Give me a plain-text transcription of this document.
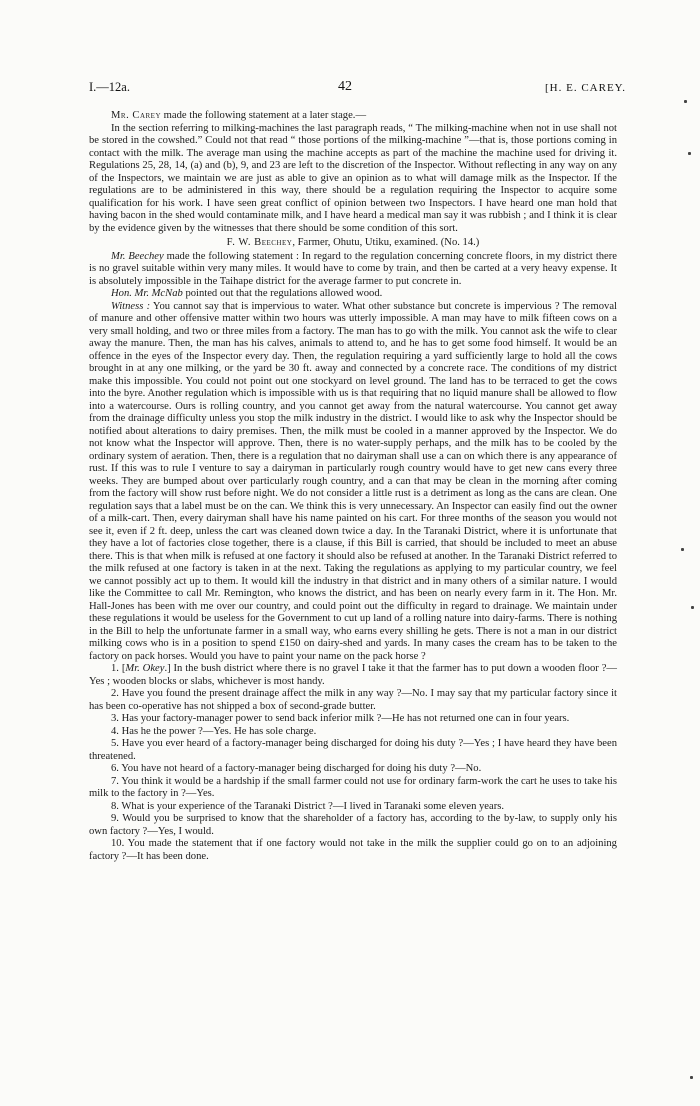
I.—12a.	42	[H. E. CAREY.

Mr. Carey made the following statement at a later stage.—

In the section referring to milking-machines the last paragraph reads, “ The milking-machine when not in use shall not be stored in the cowshed.” Could not that read “ those portions of the milking-machine ”—that is, those portions coming in contact with the milk. The average man using the machine accepts as part of the machine the machine used for driving it. Regulations 25, 28, 14, (a) and (b), 9, and 23 are left to the discretion of the Inspector. Without reflecting in any way on any of the Inspectors, we maintain we are just as able to give an opinion as to what will damage milk as the Inspector. If the regulations are to be administered in this way, there should be a regulation requiring the Inspector to acquire some qualification for his work. I have seen great conflict of opinion between two Inspectors. I have heard one man hold that having bacon in the shed would contaminate milk, and I have heard a medical man say it was rubbish ; and I think it is clear by the evidence given by the witnesses that there should be some condition of this sort.

F. W. Beechey, Farmer, Ohutu, Utiku, examined. (No. 14.)

Mr. Beechey made the following statement : In regard to the regulation concerning concrete floors, in my district there is no gravel suitable within very many miles. It would have to come by train, and then be carted at a very heavy expense. It is absolutely impossible in the Taihape district for the average farmer to put concrete in.

Hon. Mr. McNab pointed out that the regulations allowed wood.

Witness : You cannot say that is impervious to water. What other substance but concrete is impervious ? The removal of manure and other offensive matter within two hours was utterly impossible. A man may have to milk fifteen cows on a very small holding, and two or three miles from a factory. The man has to go with the milk. You cannot ask the wife to clear away the manure. Then, the man has his calves, animals to attend to, and he has to get some food himself. It would be an offence in the eyes of the Inspector every day. Then, the regulation requiring a yard sufficiently large to hold all the cows brought in at any one milking, or the yard be 30 ft. away and connected by a concrete race. The conditions of my district make this impossible. You could not point out one stockyard on level ground. The land has to be terraced to get the cows into the byre. Another regulation which is impossible with us is that requiring that no liquid manure shall be allowed to flow into a watercourse. Ours is rolling country, and you cannot get away from the natural watercourse. You cannot get away from the drainage difficulty unless you stop the milk industry in the district. I would like to ask why the Inspector should be notified about alterations to dairy premises. Then, the milk must be cooled in a manner approved by the Inspector. We do not know what the Inspector will approve. Then, there is no water-supply perhaps, and the milk has to be cooled by the ordinary system of aeration. Then, there is a regulation that no dairyman shall use a can on which there is any appearance of rust. If this was to rule I venture to say a dairyman in particularly rough country would have to get new cans every three weeks. They are bumped about over particularly rough country, and a can that may be clean in the morning after coming from the factory will show rust before night. We do not consider a little rust is a detriment as long as the cans are clean. One regulation says that a label must be on the can. We think this is very unnecessary. An Inspector can easily find out the owner of a milk-cart. Then, every dairyman shall have his name painted on his cart. For three months of the season you would not see it, even if 2 ft. deep, unless the cart was cleaned down twice a day. In the Taranaki District, where it is unfortunate that they have a lot of factories close together, there is a clause, if this Bill is carried, that should be included to meet an abuse there. This is that when milk is refused at one factory it should also be refused at another. In the Taranaki District referred to the milk refused at one factory is taken in at the next. Taking the regulations as applying to my particular country, we feel we cannot possibly act up to them. It would kill the industry in that district and in many others of a similar nature. I would like the Committee to call Mr. Remington, who knows the district, and has been on nearly every farm in it. The Hon. Mr. Hall-Jones has been with me over our country, and could point out the difficulty in regard to drainage. We maintain under these regulations it would be useless for the Government to cut up land of a rolling nature into dairy-farms. There is nothing in the Bill to help the unfortunate farmer in a small way, who earns every shilling he gets. There is not a man in our district milking cows who is in a position to spend £150 on dairy-shed and yards. In many cases the cream has to be taken to the factory on pack horses. Would you have to paint your name on the pack horse ?

1. [Mr. Okey.] In the bush district where there is no gravel I take it that the farmer has to put down a wooden floor ?—Yes ; wooden blocks or slabs, whichever is most handy.

2. Have you found the present drainage affect the milk in any way ?—No. I may say that my particular factory since it has been co-operative has not shipped a box of second-grade butter.

3. Has your factory-manager power to send back inferior milk ?—He has not returned one can in four years.

4. Has he the power ?—Yes. He has sole charge.

5. Have you ever heard of a factory-manager being discharged for doing his duty ?—Yes ; I have heard they have been threatened.

6. You have not heard of a factory-manager being discharged for doing his duty ?—No.

7. You think it would be a hardship if the small farmer could not use for ordinary farm-work the cart he uses to take his milk to the factory in ?—Yes.

8. What is your experience of the Taranaki District ?—I lived in Taranaki some eleven years.

9. Would you be surprised to know that the shareholder of a factory has, according to the by-law, to supply only his own factory ?—Yes, I would.

10. You made the statement that if one factory would not take in the milk the supplier could go on to an adjoining factory ?—It has been done.
